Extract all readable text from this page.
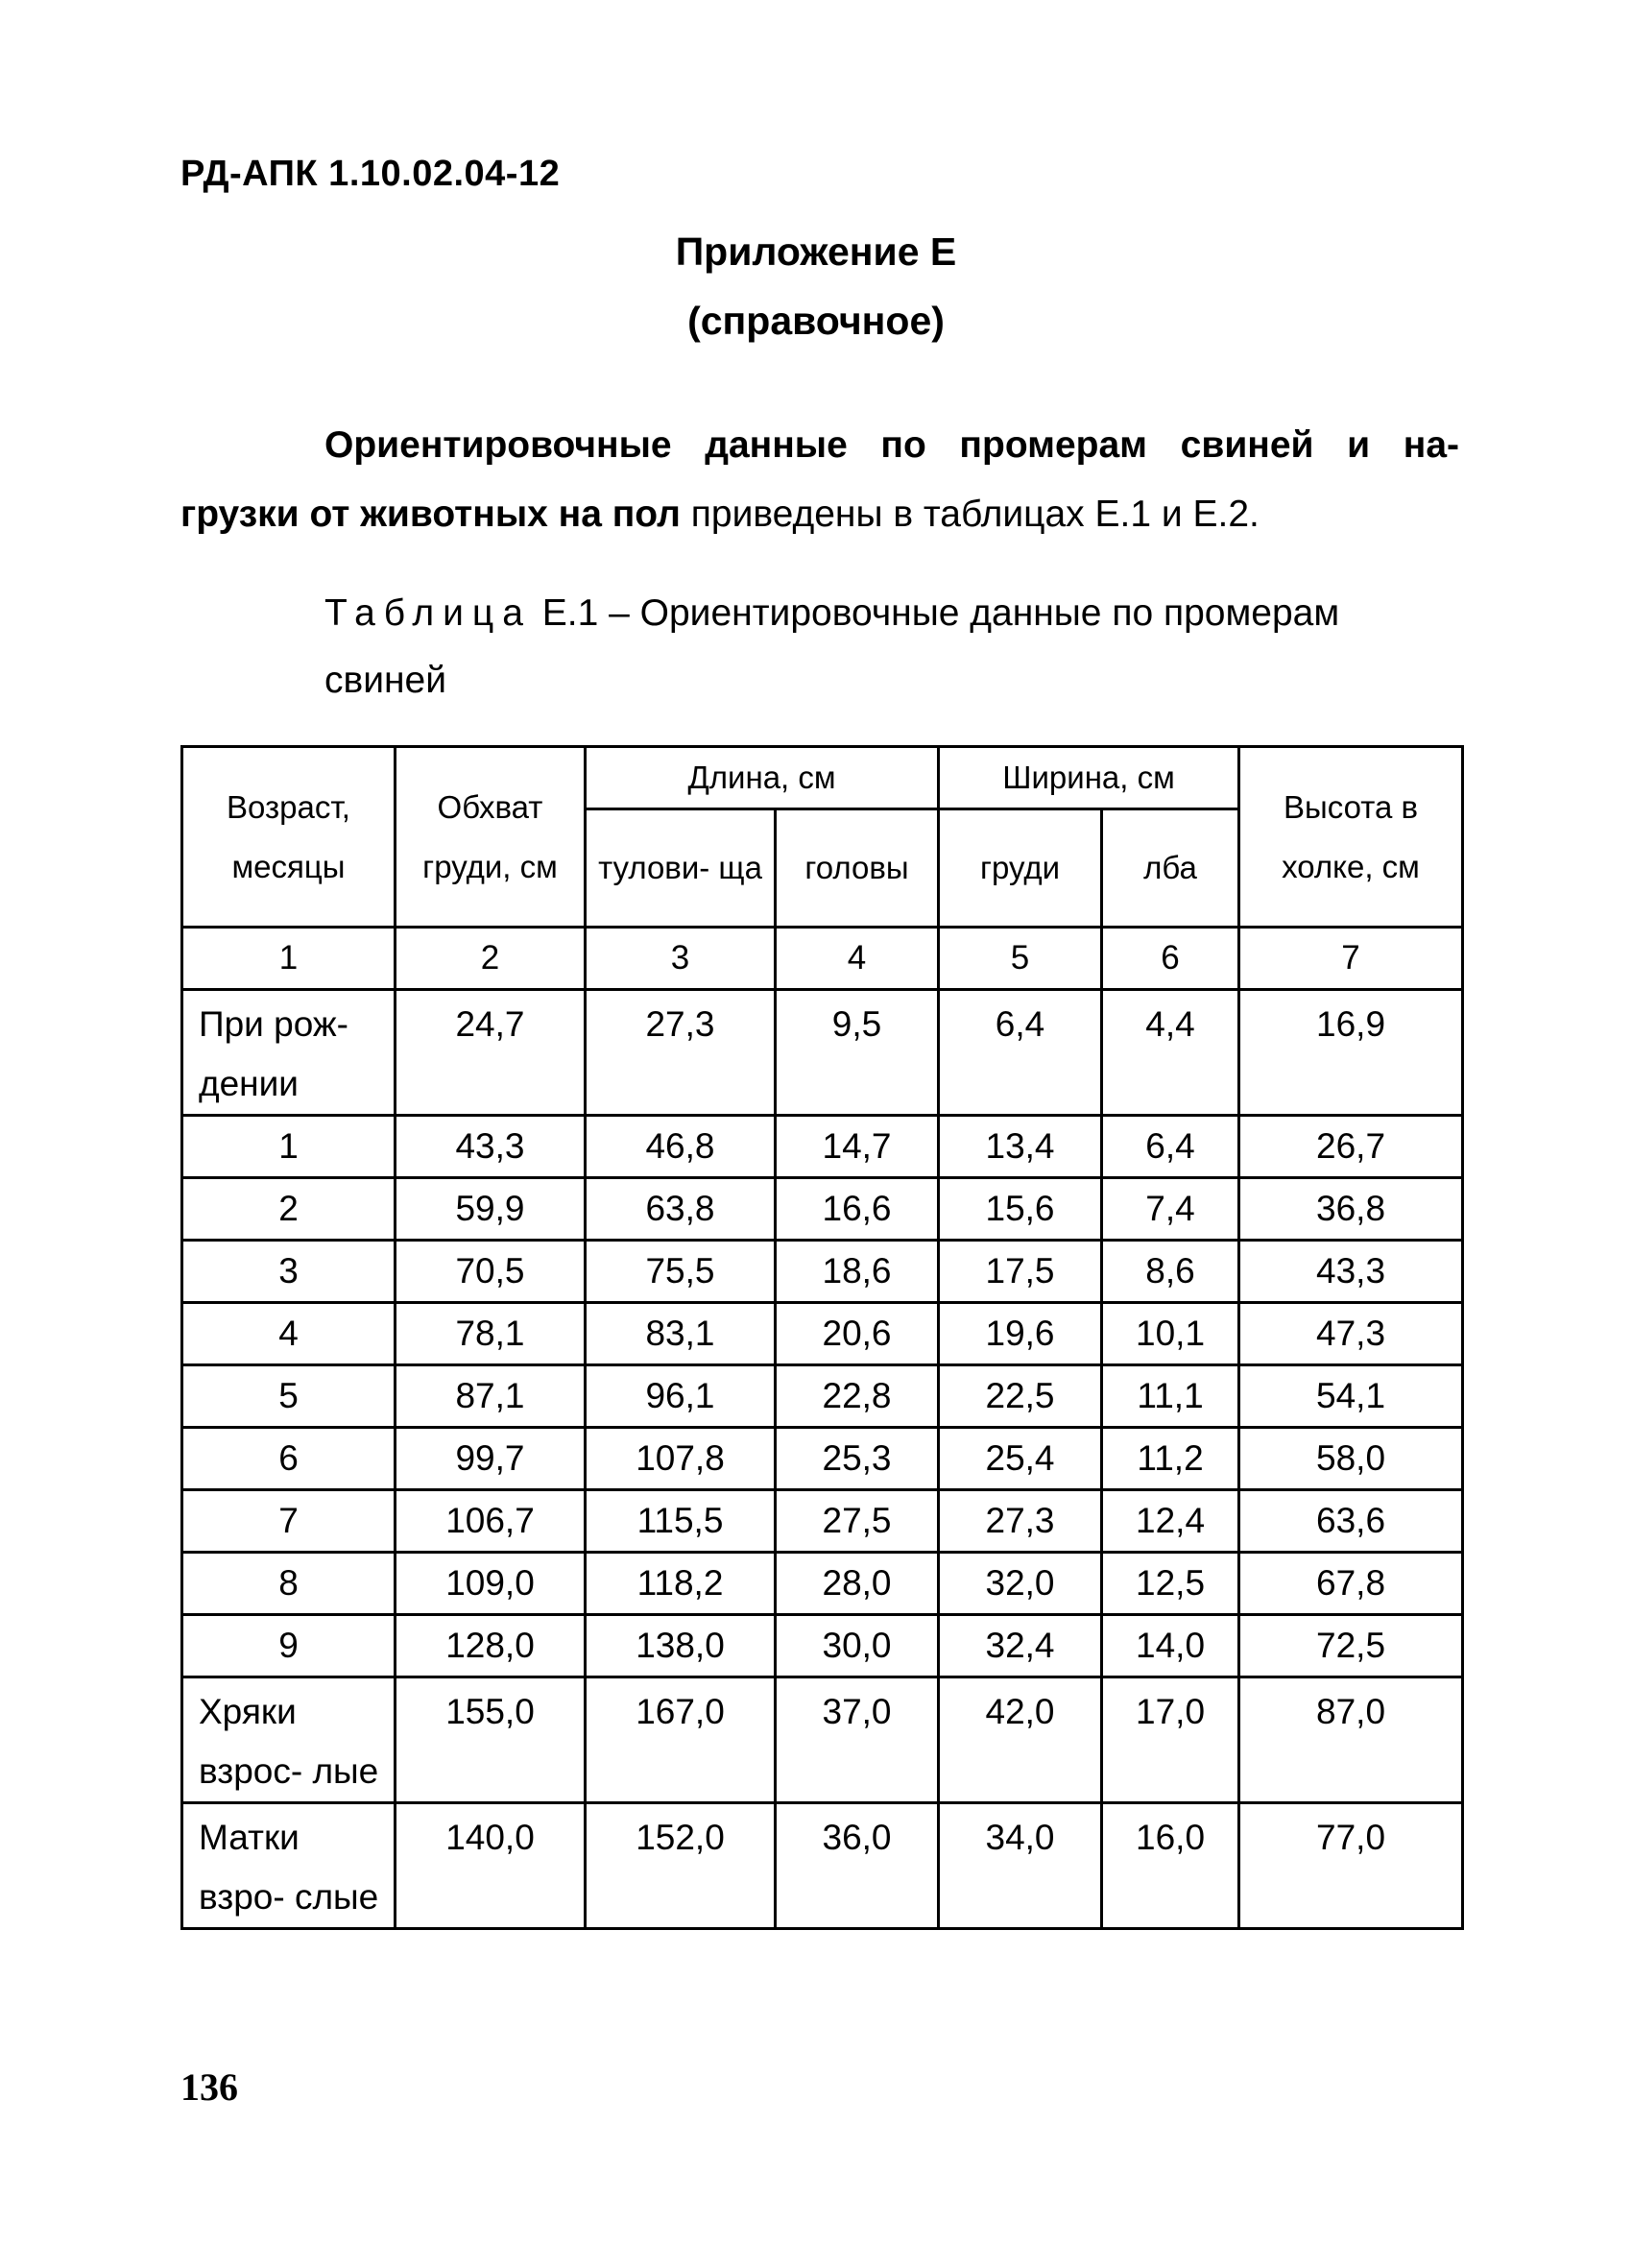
РД-АПК 1.10.02.04-12
Приложение Е
(справочное)
Ориентировочные данные по промерам свиней и на-
грузки от животных на пол приведены в таблицах Е.1 и Е.2.
Таблица Е.1 – Ориентировочные данные по промерам
свиней
Возраст, месяцы	Обхват груди, см	Длина, см		Ширина, см		Высота в холке, см
		тулови- ща	головы	груди	лба	
1	2	3	4	5	6	7
При рож- дении	24,7	27,3	9,5	6,4	4,4	16,9
1	43,3	46,8	14,7	13,4	6,4	26,7
2	59,9	63,8	16,6	15,6	7,4	36,8
3	70,5	75,5	18,6	17,5	8,6	43,3
4	78,1	83,1	20,6	19,6	10,1	47,3
5	87,1	96,1	22,8	22,5	11,1	54,1
6	99,7	107,8	25,3	25,4	11,2	58,0
7	106,7	115,5	27,5	27,3	12,4	63,6
8	109,0	118,2	28,0	32,0	12,5	67,8
9	128,0	138,0	30,0	32,4	14,0	72,5
Хряки взрос- лые	155,0	167,0	37,0	42,0	17,0	87,0
Матки взро- слые	140,0	152,0	36,0	34,0	16,0	77,0
136
